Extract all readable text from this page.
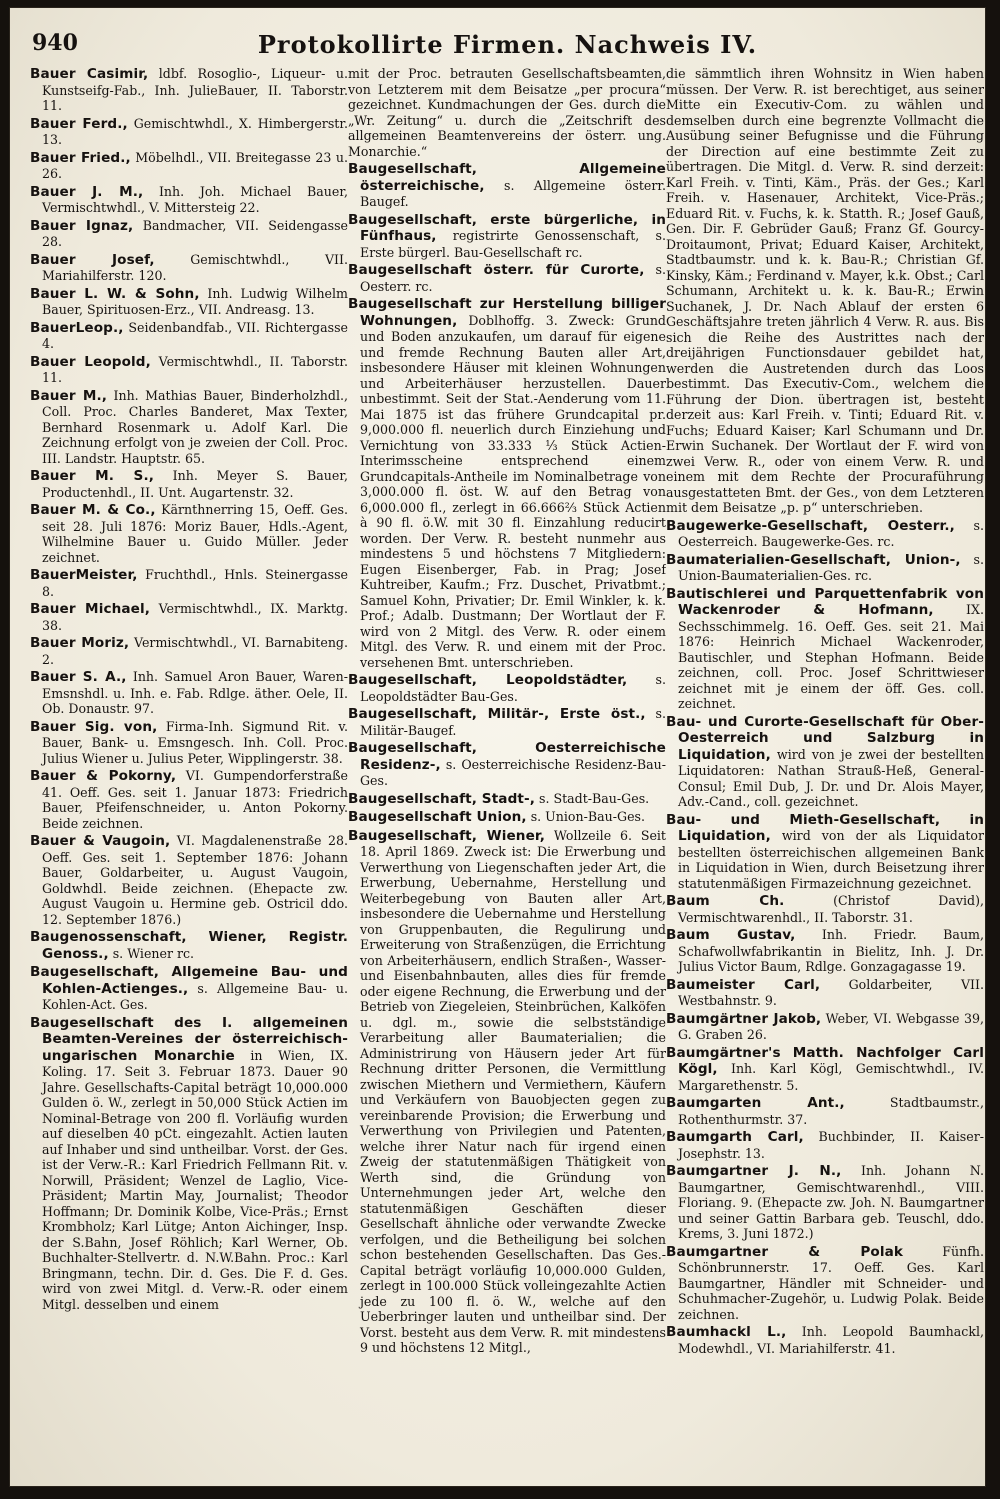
940	Protokollirte Firmen. Nachweis IV.

Bauer Casimir, ldbf. Rosoglio-, Liqueur- u. Kunstseifg-Fab., Inh. JulieBauer, II. Taborstr. 11.

Bauer Ferd., Gemischtwhdl., X. Himbergerstr. 13.

Bauer Fried., Möbelhdl., VII. Breitegasse 23 u. 26.

Bauer J. M., Inh. Joh. Michael Bauer, Vermischtwhdl., V. Mittersteig 22.

Bauer Ignaz, Bandmacher, VII. Seidengasse 28.

Bauer Josef, Gemischtwhdl., VII. Mariahilferstr. 120.

Bauer L. W. & Sohn, Inh. Ludwig Wilhelm Bauer, Spirituosen-Erz., VII. Andreasg. 13.

BauerLeop., Seidenbandfab., VII. Richtergasse 4.

Bauer Leopold, Vermischtwhdl., II. Taborstr. 11.

Bauer M., Inh. Mathias Bauer, Binderholzhdl., Coll. Proc. Charles Banderet, Max Texter, Bernhard Rosenmark u. Adolf Karl. Die Zeichnung erfolgt von je zweien der Coll. Proc. III. Landstr. Hauptstr. 65.

Bauer M. S., Inh. Meyer S. Bauer, Productenhdl., II. Unt. Augartenstr. 32.

Bauer M. & Co., Kärnthnerring 15, Oeff. Ges. seit 28. Juli 1876: Moriz Bauer, Hdls.-Agent, Wilhelmine Bauer u. Guido Müller. Jeder zeichnet.

BauerMeister, Fruchthdl., Hnls. Steinergasse 8.

Bauer Michael, Vermischtwhdl., IX. Marktg. 38.

Bauer Moriz, Vermischtwhdl., VI. Barnabiteng. 2.

Bauer S. A., Inh. Samuel Aron Bauer, Waren-Emsnshdl. u. Inh. e. Fab. Rdlge. äther. Oele, II. Ob. Donaustr. 97.

Bauer Sig. von, Firma-Inh. Sigmund Rit. v. Bauer, Bank- u. Emsngesch. Inh. Coll. Proc. Julius Wiener u. Julius Peter, Wipplingerstr. 38.

Bauer & Pokorny, VI. Gumpendorferstraße 41. Oeff. Ges. seit 1. Januar 1873: Friedrich Bauer, Pfeifenschneider, u. Anton Pokorny. Beide zeichnen.

Bauer & Vaugoin, VI. Magdalenenstraße 28. Oeff. Ges. seit 1. September 1876: Johann Bauer, Goldarbeiter, u. August Vaugoin, Goldwhdl. Beide zeichnen. (Ehepacte zw. August Vaugoin u. Hermine geb. Ostricil ddo. 12. September 1876.)

Baugenossenschaft, Wiener, Registr. Genoss., s. Wiener rc.

Baugesellschaft, Allgemeine Bau- und Kohlen-Actienges., s. Allgemeine Bau- u. Kohlen-Act. Ges.

Baugesellschaft des I. allgemeinen Beamten-Vereines der österreichisch-ungarischen Monarchie in Wien, IX. Koling. 17. Seit 3. Februar 1873. Dauer 90 Jahre. Gesellschafts-Capital beträgt 10,000.000 Gulden ö. W., zerlegt in 50,000 Stück Actien im Nominal-Betrage von 200 fl. Vorläufig wurden auf dieselben 40 pCt. eingezahlt. Actien lauten auf Inhaber und sind untheilbar. Vorst. der Ges. ist der Verw.-R.: Karl Friedrich Fellmann Rit. v. Norwill, Präsident; Wenzel de Laglio, Vice-Präsident; Martin May, Journalist; Theodor Hoffmann; Dr. Dominik Kolbe, Vice-Präs.; Ernst Krombholz; Karl Lütge; Anton Aichinger, Insp. der S.Bahn, Josef Röhlich; Karl Werner, Ob. Buchhalter-Stellvertr. d. N.W.Bahn. Proc.: Karl Bringmann, techn. Dir. d. Ges. Die F. d. Ges. wird von zwei Mitgl. d. Verw.-R. oder einem Mitgl. desselben und einem

mit der Proc. betrauten Gesellschaftsbeamten, von Letzterem mit dem Beisatze „per procura“ gezeichnet. Kundmachungen der Ges. durch die „Wr. Zeitung“ u. durch die „Zeitschrift des allgemeinen Beamtenvereins der österr. ung. Monarchie.“

Baugesellschaft, Allgemeine österreichische, s. Allgemeine österr. Baugef.

Baugesellschaft, erste bürgerliche, in Fünfhaus, registrirte Genossenschaft, s. Erste bürgerl. Bau-Gesellschaft rc.

Baugesellschaft österr. für Curorte, s. Oesterr. rc.

Baugesellschaft zur Herstellung billiger Wohnungen, Doblhoffg. 3. Zweck: Grund und Boden anzukaufen, um darauf für eigene und fremde Rechnung Bauten aller Art, insbesondere Häuser mit kleinen Wohnungen und Arbeiterhäuser herzustellen. Dauer unbestimmt. Seit der Stat.-Aenderung vom 11. Mai 1875 ist das frühere Grundcapital pr. 9,000.000 fl. neuerlich durch Einziehung und Vernichtung von 33.333 ⅓ Stück Actien-Interimsscheine entsprechend einem Grundcapitals-Antheile im Nominalbetrage von 3,000.000 fl. öst. W. auf den Betrag von 6,000.000 fl., zerlegt in 66.666⅔ Stück Actien à 90 fl. ö.W. mit 30 fl. Einzahlung reducirt worden. Der Verw. R. besteht nunmehr aus mindestens 5 und höchstens 7 Mitgliedern: Eugen Eisenberger, Fab. in Prag; Josef Kuhtreiber, Kaufm.; Frz. Duschet, Privatbmt.; Samuel Kohn, Privatier; Dr. Emil Winkler, k. k. Prof.; Adalb. Dustmann; Der Wortlaut der F. wird von 2 Mitgl. des Verw. R. oder einem Mitgl. des Verw. R. und einem mit der Proc. versehenen Bmt. unterschrieben.

Baugesellschaft, Leopoldstädter, s. Leopoldstädter Bau-Ges.

Baugesellschaft, Militär-, Erste öst., s. Militär-Baugef.

Baugesellschaft, Oesterreichische Residenz-, s. Oesterreichische Residenz-Bau-Ges.

Baugesellschaft, Stadt-, s. Stadt-Bau-Ges.

Baugesellschaft Union, s. Union-Bau-Ges.

Baugesellschaft, Wiener, Wollzeile 6. Seit 18. April 1869. Zweck ist: Die Erwerbung und Verwerthung von Liegenschaften jeder Art, die Erwerbung, Uebernahme, Herstellung und Weiterbegebung von Bauten aller Art, insbesondere die Uebernahme und Herstellung von Gruppenbauten, die Regulirung und Erweiterung von Straßenzügen, die Errichtung von Arbeiterhäusern, endlich Straßen-, Wasser- und Eisenbahnbauten, alles dies für fremde oder eigene Rechnung, die Erwerbung und der Betrieb von Ziegeleien, Steinbrüchen, Kalköfen u. dgl. m., sowie die selbstständige Verarbeitung aller Baumaterialien; die Administrirung von Häusern jeder Art für Rechnung dritter Personen, die Vermittlung zwischen Miethern und Vermiethern, Käufern und Verkäufern von Bauobjecten gegen zu vereinbarende Provision; die Erwerbung und Verwerthung von Privilegien und Patenten, welche ihrer Natur nach für irgend einen Zweig der statutenmäßigen Thätigkeit von Werth sind, die Gründung von Unternehmungen jeder Art, welche den statutenmäßigen Geschäften dieser Gesellschaft ähnliche oder verwandte Zwecke verfolgen, und die Betheiligung bei solchen schon bestehenden Gesellschaften. Das Ges.-Capital beträgt vorläufig 10,000.000 Gulden, zerlegt in 100.000 Stück volleingezahlte Actien jede zu 100 fl. ö. W., welche auf den Ueberbringer lauten und untheilbar sind. Der Vorst. besteht aus dem Verw. R. mit mindestens 9 und höchstens 12 Mitgl.,

die sämmtlich ihren Wohnsitz in Wien haben müssen. Der Verw. R. ist berechtiget, aus seiner Mitte ein Executiv-Com. zu wählen und demselben durch eine begrenzte Vollmacht die Ausübung seiner Befugnisse und die Führung der Direction auf eine bestimmte Zeit zu übertragen. Die Mitgl. d. Verw. R. sind derzeit: Karl Freih. v. Tinti, Käm., Präs. der Ges.; Karl Freih. v. Hasenauer, Architekt, Vice-Präs.; Eduard Rit. v. Fuchs, k. k. Statth. R.; Josef Gauß, Gen. Dir. F. Gebrüder Gauß; Franz Gf. Gourcy-Droitaumont, Privat; Eduard Kaiser, Architekt, Stadtbaumstr. und k. k. Bau-R.; Christian Gf. Kinsky, Käm.; Ferdinand v. Mayer, k.k. Obst.; Carl Schumann, Architekt u. k. k. Bau-R.; Erwin Suchanek, J. Dr. Nach Ablauf der ersten 6 Geschäftsjahre treten jährlich 4 Verw. R. aus. Bis sich die Reihe des Austrittes nach der dreijährigen Functionsdauer gebildet hat, werden die Austretenden durch das Loos bestimmt. Das Executiv-Com., welchem die Führung der Dion. übertragen ist, besteht derzeit aus: Karl Freih. v. Tinti; Eduard Rit. v. Fuchs; Eduard Kaiser; Karl Schumann und Dr. Erwin Suchanek. Der Wortlaut der F. wird von zwei Verw. R., oder von einem Verw. R. und einem mit dem Rechte der Procuraführung ausgestatteten Bmt. der Ges., von dem Letzteren mit dem Beisatze „p. p“ unterschrieben.

Baugewerke-Gesellschaft, Oesterr., s. Oesterreich. Baugewerke-Ges. rc.

Baumaterialien-Gesellschaft, Union-, s. Union-Baumaterialien-Ges. rc.

Bautischlerei und Parquettenfabrik von Wackenroder & Hofmann, IX. Sechsschimmelg. 16. Oeff. Ges. seit 21. Mai 1876: Heinrich Michael Wackenroder, Bautischler, und Stephan Hofmann. Beide zeichnen, coll. Proc. Josef Schrittwieser zeichnet mit je einem der öff. Ges. coll. zeichnet.

Bau- und Curorte-Gesellschaft für Ober-Oesterreich und Salzburg in Liquidation, wird von je zwei der bestellten Liquidatoren: Nathan Strauß-Heß, General-Consul; Emil Dub, J. Dr. und Dr. Alois Mayer, Adv.-Cand., coll. gezeichnet.

Bau- und Mieth-Gesellschaft, in Liquidation, wird von der als Liquidator bestellten österreichischen allgemeinen Bank in Liquidation in Wien, durch Beisetzung ihrer statutenmäßigen Firmazeichnung gezeichnet.

Baum Ch. (Christof David), Vermischtwarenhdl., II. Taborstr. 31.

Baum Gustav, Inh. Friedr. Baum, Schafwollwfabrikantin in Bielitz, Inh. J. Dr. Julius Victor Baum, Rdlge. Gonzagagasse 19.

Baumeister Carl, Goldarbeiter, VII. Westbahnstr. 9.

Baumgärtner Jakob, Weber, VI. Webgasse 39, G. Graben 26.

Baumgärtner's Matth. Nachfolger Carl Kögl, Inh. Karl Kögl, Gemischtwhdl., IV. Margarethenstr. 5.

Baumgarten Ant., Stadtbaumstr., Rothenthurmstr. 37.

Baumgarth Carl, Buchbinder, II. Kaiser-Josephstr. 13.

Baumgartner J. N., Inh. Johann N. Baumgartner, Gemischtwarenhdl., VIII. Floriang. 9. (Ehepacte zw. Joh. N. Baumgartner und seiner Gattin Barbara geb. Teuschl, ddo. Krems, 3. Juni 1872.)

Baumgartner & Polak Fünfh. Schönbrunnerstr. 17. Oeff. Ges. Karl Baumgartner, Händler mit Schneider- und Schuhmacher-Zugehör, u. Ludwig Polak. Beide zeichnen.

Baumhackl L., Inh. Leopold Baumhackl, Modewhdl., VI. Mariahilferstr. 41.
